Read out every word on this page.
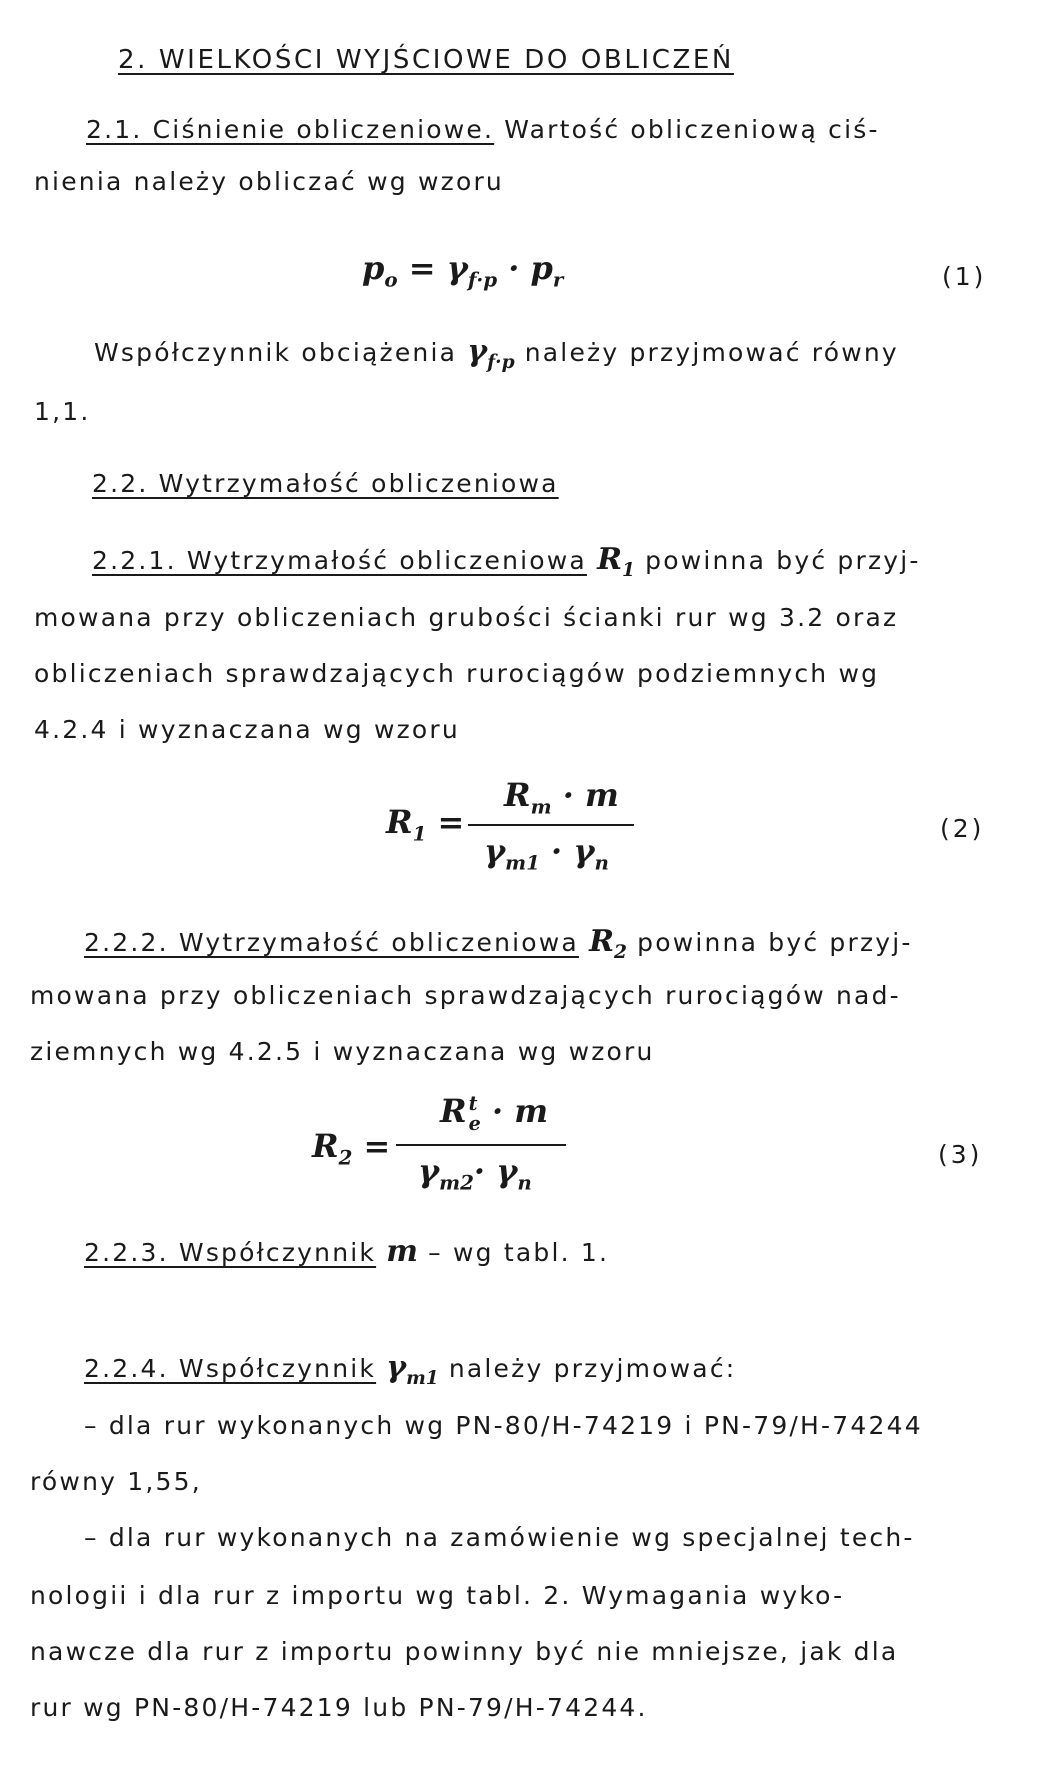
2. WIELKOŚCI WYJŚCIOWE DO OBLICZEŃ
2.1. Ciśnienie obliczeniowe. Wartość obliczeniową ciś-
nienia należy obliczać wg wzoru
$p_o = \gamma_{f\cdot p} \cdot p_r$	(1)
Współczynnik obciążenia $\gamma_{f\cdot p}$ należy przyjmować równy
1,1.
2.2. Wytrzymałość obliczeniowa
2.2.1. Wytrzymałość obliczeniowa $R_1$ powinna być przyj-
mowana przy obliczeniach grubości ścianki rur wg 3.2 oraz
obliczeniach sprawdzających rurociągów podziemnych wg
4.2.4 i wyznaczana wg wzoru
$R_1$ =
$R_m \cdot m$
$\gamma_{m1} \cdot \gamma_n$
(2)
2.2.2. Wytrzymałość obliczeniowa $R_2$ powinna być przyj-
mowana przy obliczeniach sprawdzających rurociągów nad-
ziemnych wg 4.2.5 i wyznaczana wg wzoru
$R_2$ =
R t
e · m
$\gamma_{m2}\cdot \gamma_n$
(3)
2.2.3. Współczynnik m – wg tabl. 1.
2.2.4. Współczynnik $\gamma_{m1}$ należy przyjmować:
– dla rur wykonanych wg PN-80/H-74219 i PN-79/H-74244
równy 1,55,
– dla rur wykonanych na zamówienie wg specjalnej tech-
nologii i dla rur z importu wg tabl. 2. Wymagania wyko-
nawcze dla rur z importu powinny być nie mniejsze, jak dla
rur wg PN-80/H-74219 lub PN-79/H-74244.
